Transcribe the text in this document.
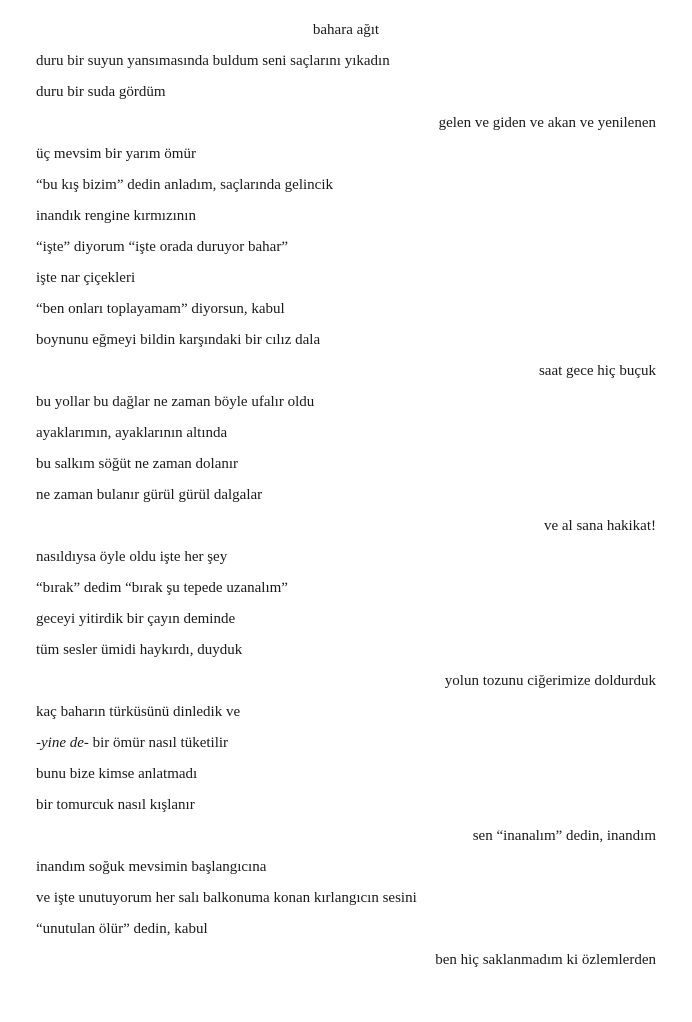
bahara ağıt
duru bir suyun yansımasında buldum seni saçlarını yıkadın
duru bir suda gördüm
gelen ve giden ve akan ve yenilenen
üç mevsim bir yarım ömür
“bu kış bizim” dedin anladım, saçlarında gelincik
inandık rengine kırmızının
“işte” diyorum “işte orada duruyor bahar”
işte nar çiçekleri
“ben onları toplayamam” diyorsun, kabul
boynunu eğmeyi bildin karşındaki bir cılız dala
saat gece hiç buçuk
bu yollar bu dağlar ne zaman böyle ufalır oldu
ayaklarımın, ayaklarının altında
bu salkım söğüt ne zaman dolanır
ne zaman bulanır gürül gürül dalgalar
ve al sana hakikat!
nasıldıysa öyle oldu işte her şey
“bırak” dedim “bırak şu tepede uzanalım”
geceyi yitirdik bir çayın deminde
tüm sesler ümidi haykırdı, duyduk
yolun tozunu ciğerimize doldurduk
kaç baharın türküsünü dinledik ve
-yine de- bir ömür nasıl tüketilir
bunu bize kimse anlatmadı
bir tomurcuk nasıl kışlanır
sen “inanalım” dedin, inandım
inandım soğuk mevsimin başlangıcına
ve işte unutuyorum her salı balkonuma konan kırlangıcın sesini
“unutulan ölür” dedin, kabul
ben hiç saklanmadım ki özlemlerden
